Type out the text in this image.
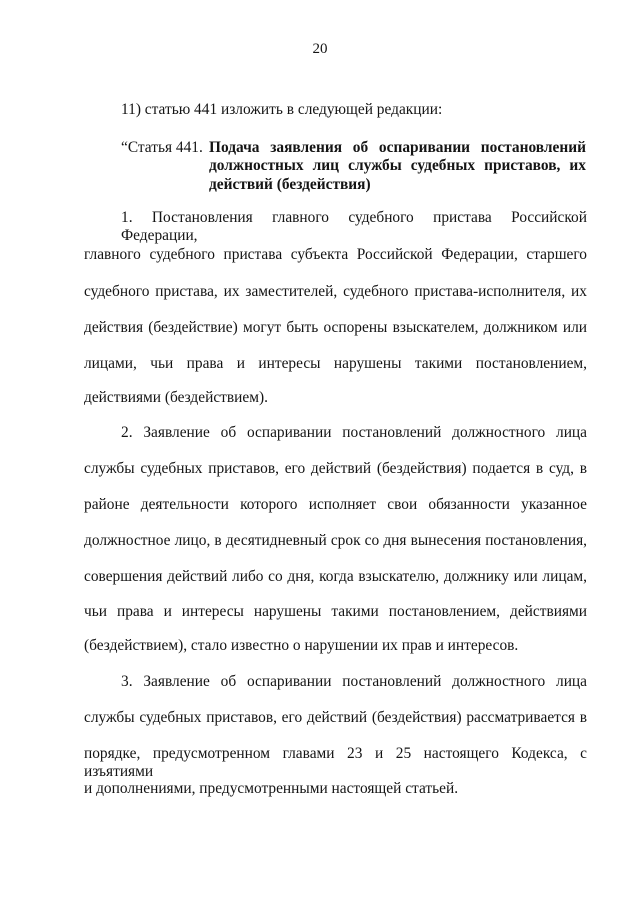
20
11) статью 441 изложить в следующей редакции:
“Статья 441. Подача заявления об оспаривании постановлений
должностных лиц службы судебных приставов, их
действий (бездействия)
1. Постановления главного судебного пристава Российской Федерации,
главного судебного пристава субъекта Российской Федерации, старшего
судебного пристава, их заместителей, судебного пристава-исполнителя, их
действия (бездействие) могут быть оспорены взыскателем, должником или
лицами, чьи права и интересы нарушены такими постановлением,
действиями (бездействием).
2. Заявление об оспаривании постановлений должностного лица
службы судебных приставов, его действий (бездействия) подается в суд, в
районе деятельности которого исполняет свои обязанности указанное
должностное лицо, в десятидневный срок со дня вынесения постановления,
совершения действий либо со дня, когда взыскателю, должнику или лицам,
чьи права и интересы нарушены такими постановлением, действиями
(бездействием), стало известно о нарушении их прав и интересов.
3. Заявление об оспаривании постановлений должностного лица
службы судебных приставов, его действий (бездействия) рассматривается в
порядке, предусмотренном главами 23 и 25 настоящего Кодекса, с изъятиями
и дополнениями, предусмотренными настоящей статьей.
